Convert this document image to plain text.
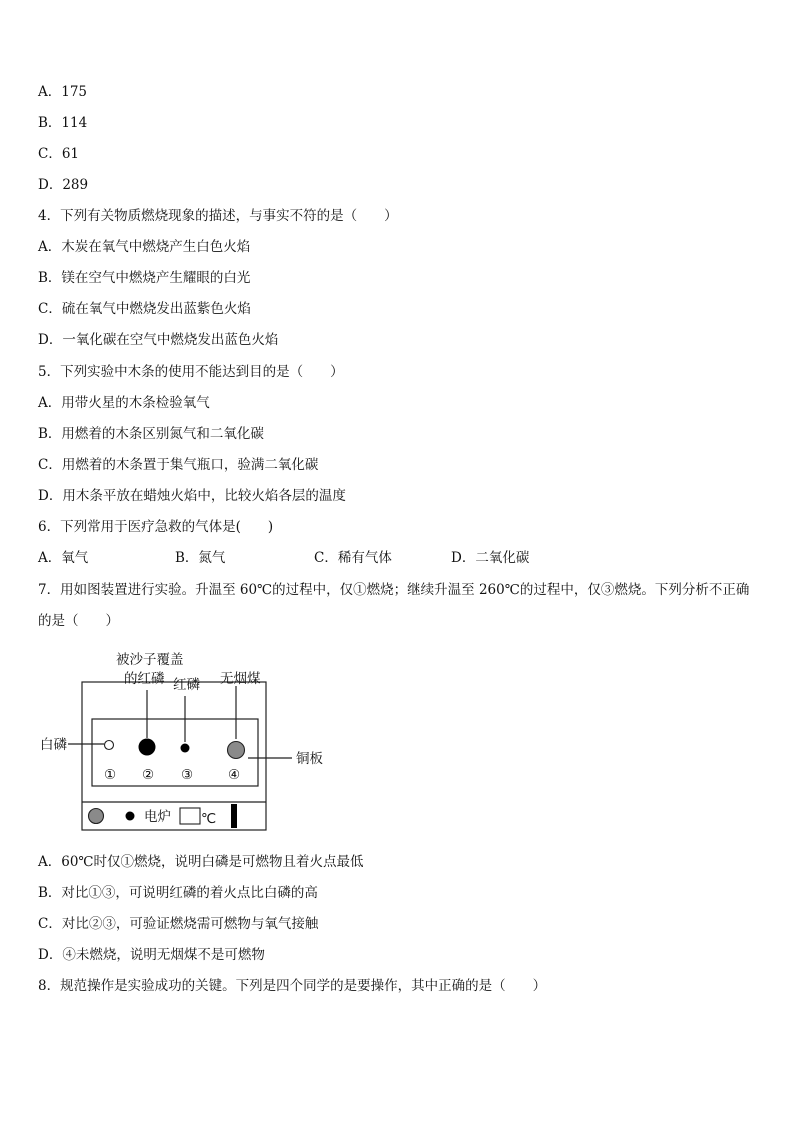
A．175
B．114
C．61
D．289
4．下列有关物质燃烧现象的描述，与事实不符的是（　　）
A．木炭在氧气中燃烧产生白色火焰
B．镁在空气中燃烧产生耀眼的白光
C．硫在氧气中燃烧发出蓝紫色火焰
D．一氧化碳在空气中燃烧发出蓝色火焰
5．下列实验中木条的使用不能达到目的是（　　）
A．用带火星的木条检验氧气
B．用燃着的木条区别氮气和二氧化碳
C．用燃着的木条置于集气瓶口，验满二氧化碳
D．用木条平放在蜡烛火焰中，比较火焰各层的温度
6．下列常用于医疗急救的气体是(　　)
A．氧气	B．氮气	C．稀有气体	D．二氧化碳
7．用如图装置进行实验。升温至 60℃的过程中，仅①燃烧；继续升温至 260℃的过程中，仅③燃烧。下列分析不正确
的是（　　）
被沙子覆盖
的红磷 红磷 无烟煤
白磷
铜板
① ② ③	④
电炉 ℃
A．60℃时仅①燃烧，说明白磷是可燃物且着火点最低
B．对比①③，可说明红磷的着火点比白磷的高
C．对比②③，可验证燃烧需可燃物与氧气接触
D．④未燃烧，说明无烟煤不是可燃物
8．规范操作是实验成功的关键。下列是四个同学的是要操作，其中正确的是（　　）
